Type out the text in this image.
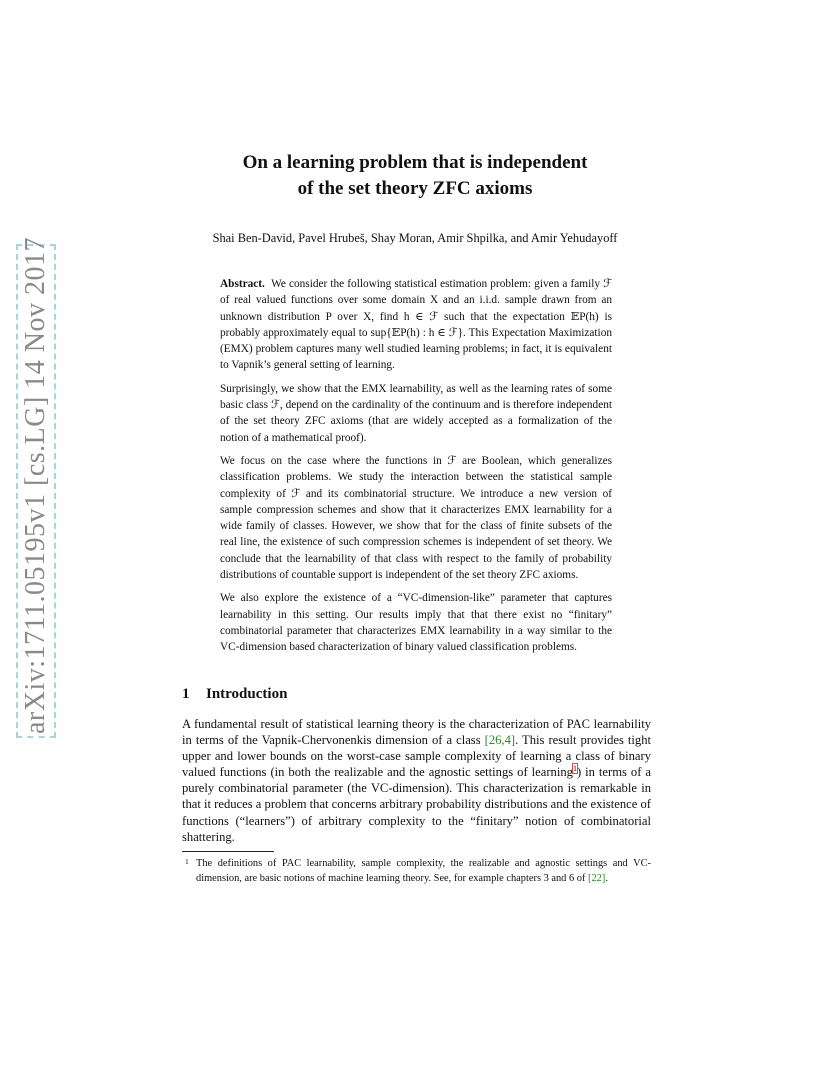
arXiv:1711.05195v1 [cs.LG] 14 Nov 2017
On a learning problem that is independent
of the set theory ZFC axioms

Shai Ben-David, Pavel Hrubeš, Shay Moran, Amir Shpilka, and Amir Yehudayoff

Abstract. We consider the following statistical estimation problem: given a family ℱ of real valued functions over some domain X and an i.i.d. sample drawn from an unknown distribution P over X, find h ∈ ℱ such that the expectation 𝔼P(h) is probably approximately equal to sup{𝔼P(h) : h ∈ ℱ}. This Expectation Maximization (EMX) problem captures many well studied learning problems; in fact, it is equivalent to Vapnik’s general setting of learning.

Surprisingly, we show that the EMX learnability, as well as the learning rates of some basic class ℱ, depend on the cardinality of the continuum and is therefore independent of the set theory ZFC axioms (that are widely accepted as a formalization of the notion of a mathematical proof).

We focus on the case where the functions in ℱ are Boolean, which generalizes classification problems. We study the interaction between the statistical sample complexity of ℱ and its combinatorial structure. We introduce a new version of sample compression schemes and show that it characterizes EMX learnability for a wide family of classes. However, we show that for the class of finite subsets of the real line, the existence of such compression schemes is independent of set theory. We conclude that the learnability of that class with respect to the family of probability distributions of countable support is independent of the set theory ZFC axioms.

We also explore the existence of a “VC-dimension-like” parameter that captures learnability in this setting. Our results imply that that there exist no “finitary” combinatorial parameter that characterizes EMX learnability in a way similar to the VC-dimension based characterization of binary valued classification problems.

1 Introduction

A fundamental result of statistical learning theory is the characterization of PAC learnability in terms of the Vapnik-Chervonenkis dimension of a class [26,4]. This result provides tight upper and lower bounds on the worst-case sample complexity of learning a class of binary valued functions (in both the realizable and the agnostic settings of learning$^1$) in terms of a purely combinatorial parameter (the VC-dimension). This characterization is remarkable in that it reduces a problem that concerns arbitrary probability distributions and the existence of functions (“learners”) of arbitrary complexity to the “finitary” notion of combinatorial shattering.

1 The definitions of PAC learnability, sample complexity, the realizable and agnostic settings and VC-dimension, are basic notions of machine learning theory. See, for example chapters 3 and 6 of [22].
